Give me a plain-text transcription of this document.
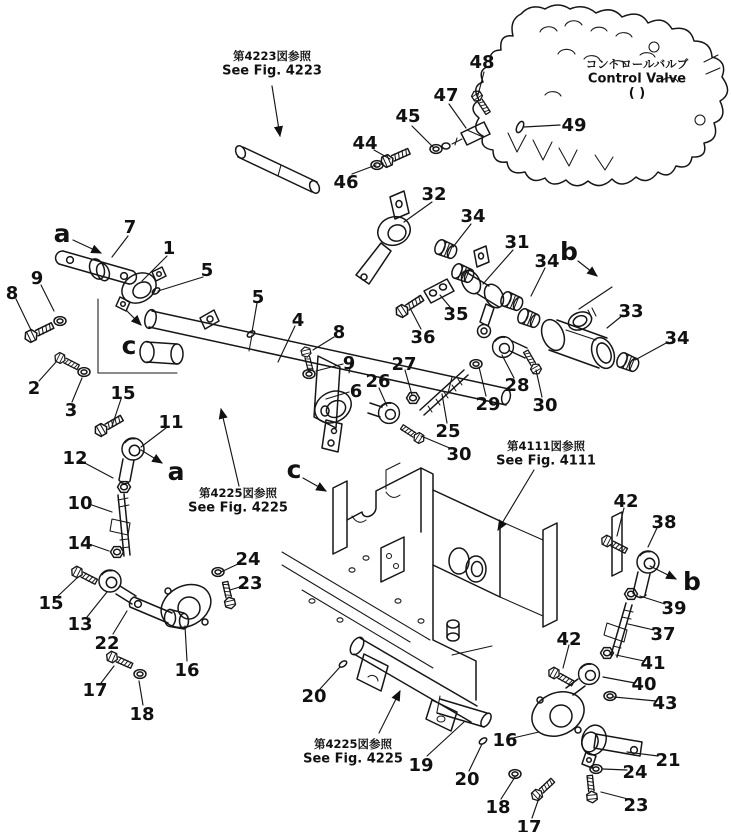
48
47
45
44
46
49
a	7
1
5
9
8
32
34
31
34 b
33
34
35
36
5
4
8
9
6 26
27
28
29 30
25
30
c
c
2
3
15
11
12	a
10
14
15
13
22
24
23
16
17
18
42
38
b
39
37
42
41
40
43
20
19
20
16
21
24
23
18
17
第4223図参照 See Fig. 4223	コントロールバルブ Control Valve ( )
第4225図参照 See Fig. 4225
第4111図参照 See Fig. 4111
第4225図参照 See Fig. 4225
